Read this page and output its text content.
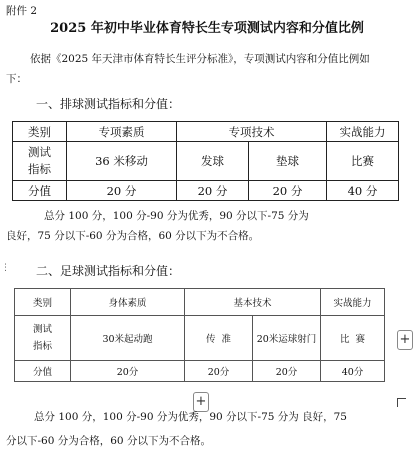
附件 2
2025 年初中毕业体育特长生专项测试内容和分值比例
依据《2025 年天津市体育特长生评分标准》，专项测试内容和分值比例如
下：
一、排球测试指标和分值：
类别	专项素质	专项技术		实战能力
测试
指标	36 米移动	发球	垫球	比赛
分值	20 分	20 分	20 分	40 分
总分 100 分，100 分-90 分为优秀，90 分以下-75 分为
良好，75 分以下-60 分为合格，60 分以下为不合格。
⋮ 二、足球测试指标和分值：
类别	身体素质	基本技术		实战能力
测试
指标	30米起动跑	传  准	20米运球射门	比  赛
分值	20分	20分	20分	40分
+
+
总分 100 分，100 分-90 分为优秀，90 分以下-75 分为 良好，75
分以下-60 分为合格，60 分以下为不合格。
